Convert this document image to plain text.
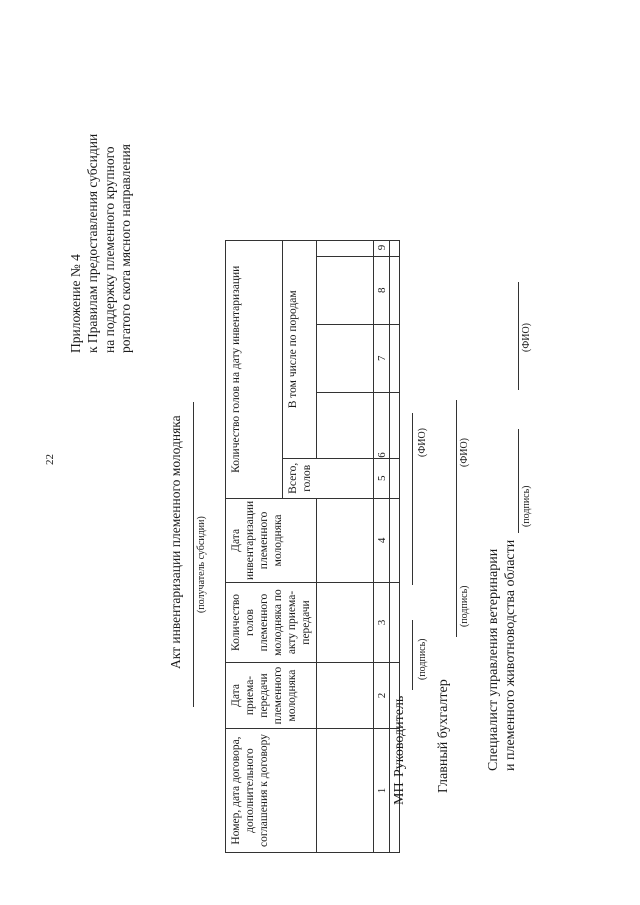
22
Приложение № 4 к Правилам предоставления субсидии на поддержку племенного крупного рогатого скота мясного направления
Акт инвентаризации племенного молодняка (получатель субсидии)
Номер, дата договора, дополнительного соглашения к договору	Дата приема-передачи племенного молодняка	Количество голов племенного молодняка по акту приема-передачи	Дата инвентаризации племенного молодняка	Количество голов на дату инвентаризации				
				Всего, голов	В том числе по породам			

1	2	3	4	5	6	7	8	9

МП
Руководитель
(подпись)
(ФИО)
Главный бухгалтер
(подпись)
(ФИО)
Специалист управления ветеринарии и племенного животноводства области
(подпись)
(ФИО)
